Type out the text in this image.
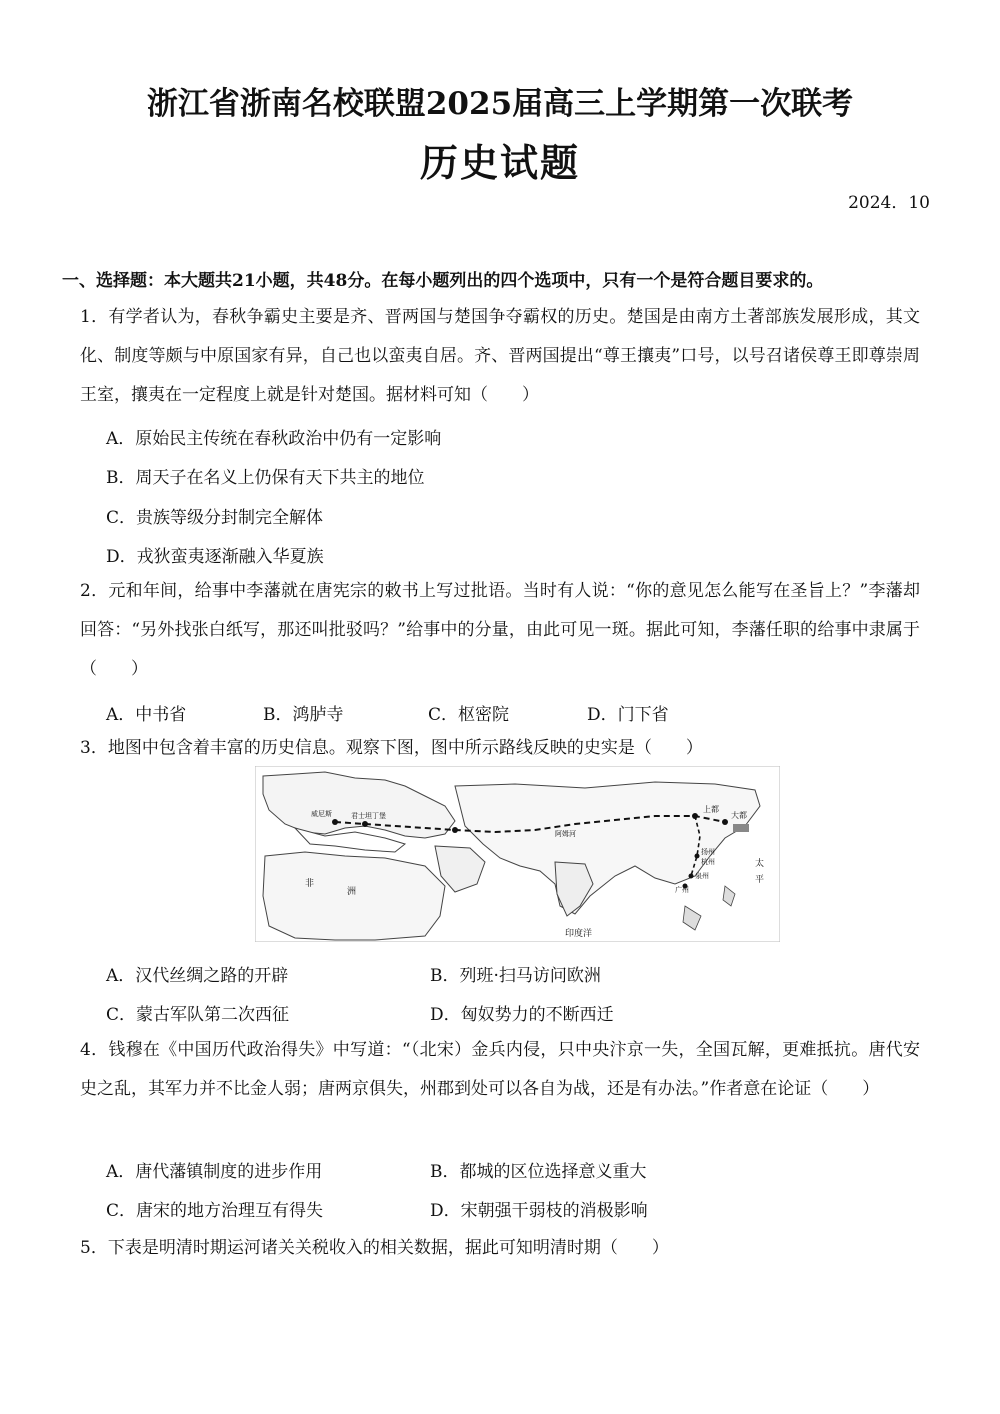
浙江省浙南名校联盟2025届高三上学期第一次联考
历史试题
2024．10
一、选择题：本大题共21小题，共48分。在每小题列出的四个选项中，只有一个是符合题目要求的。
1．有学者认为，春秋争霸史主要是齐、晋两国与楚国争夺霸权的历史。楚国是由南方土著部族发展形成，其文化、制度等颇与中原国家有异，自己也以蛮夷自居。齐、晋两国提出“尊王攘夷”口号，以号召诸侯尊王即尊崇周王室，攘夷在一定程度上就是针对楚国。据材料可知（　　）
A．原始民主传统在春秋政治中仍有一定影响
B．周天子在名义上仍保有天下共主的地位
C．贵族等级分封制完全解体
D．戎狄蛮夷逐渐融入华夏族
2．元和年间，给事中李藩就在唐宪宗的敕书上写过批语。当时有人说：“你的意见怎么能写在圣旨上？”李藩却回答：“另外找张白纸写，那还叫批驳吗？”给事中的分量，由此可见一斑。据此可知，李藩任职的给事中隶属于（　　）
A．中书省	B．鸿胪寺	C．枢密院	D．门下省
3．地图中包含着丰富的历史信息。观察下图，图中所示路线反映的史实是（　　）
上都
大都
扬州
杭州
泉州
广州
威尼斯	君士坦丁堡
阿姆河
印度洋
非
洲
太
平
A．汉代丝绸之路的开辟	B．列班·扫马访问欧洲
C．蒙古军队第二次西征	D．匈奴势力的不断西迁
4．钱穆在《中国历代政治得失》中写道：“（北宋）金兵内侵，只中央汴京一失，全国瓦解，更难抵抗。唐代安史之乱，其军力并不比金人弱；唐两京俱失，州郡到处可以各自为战，还是有办法。”作者意在论证（　　）
A．唐代藩镇制度的进步作用	B．都城的区位选择意义重大
C．唐宋的地方治理互有得失	D．宋朝强干弱枝的消极影响
5．下表是明清时期运河诸关关税收入的相关数据，据此可知明清时期（　　）
